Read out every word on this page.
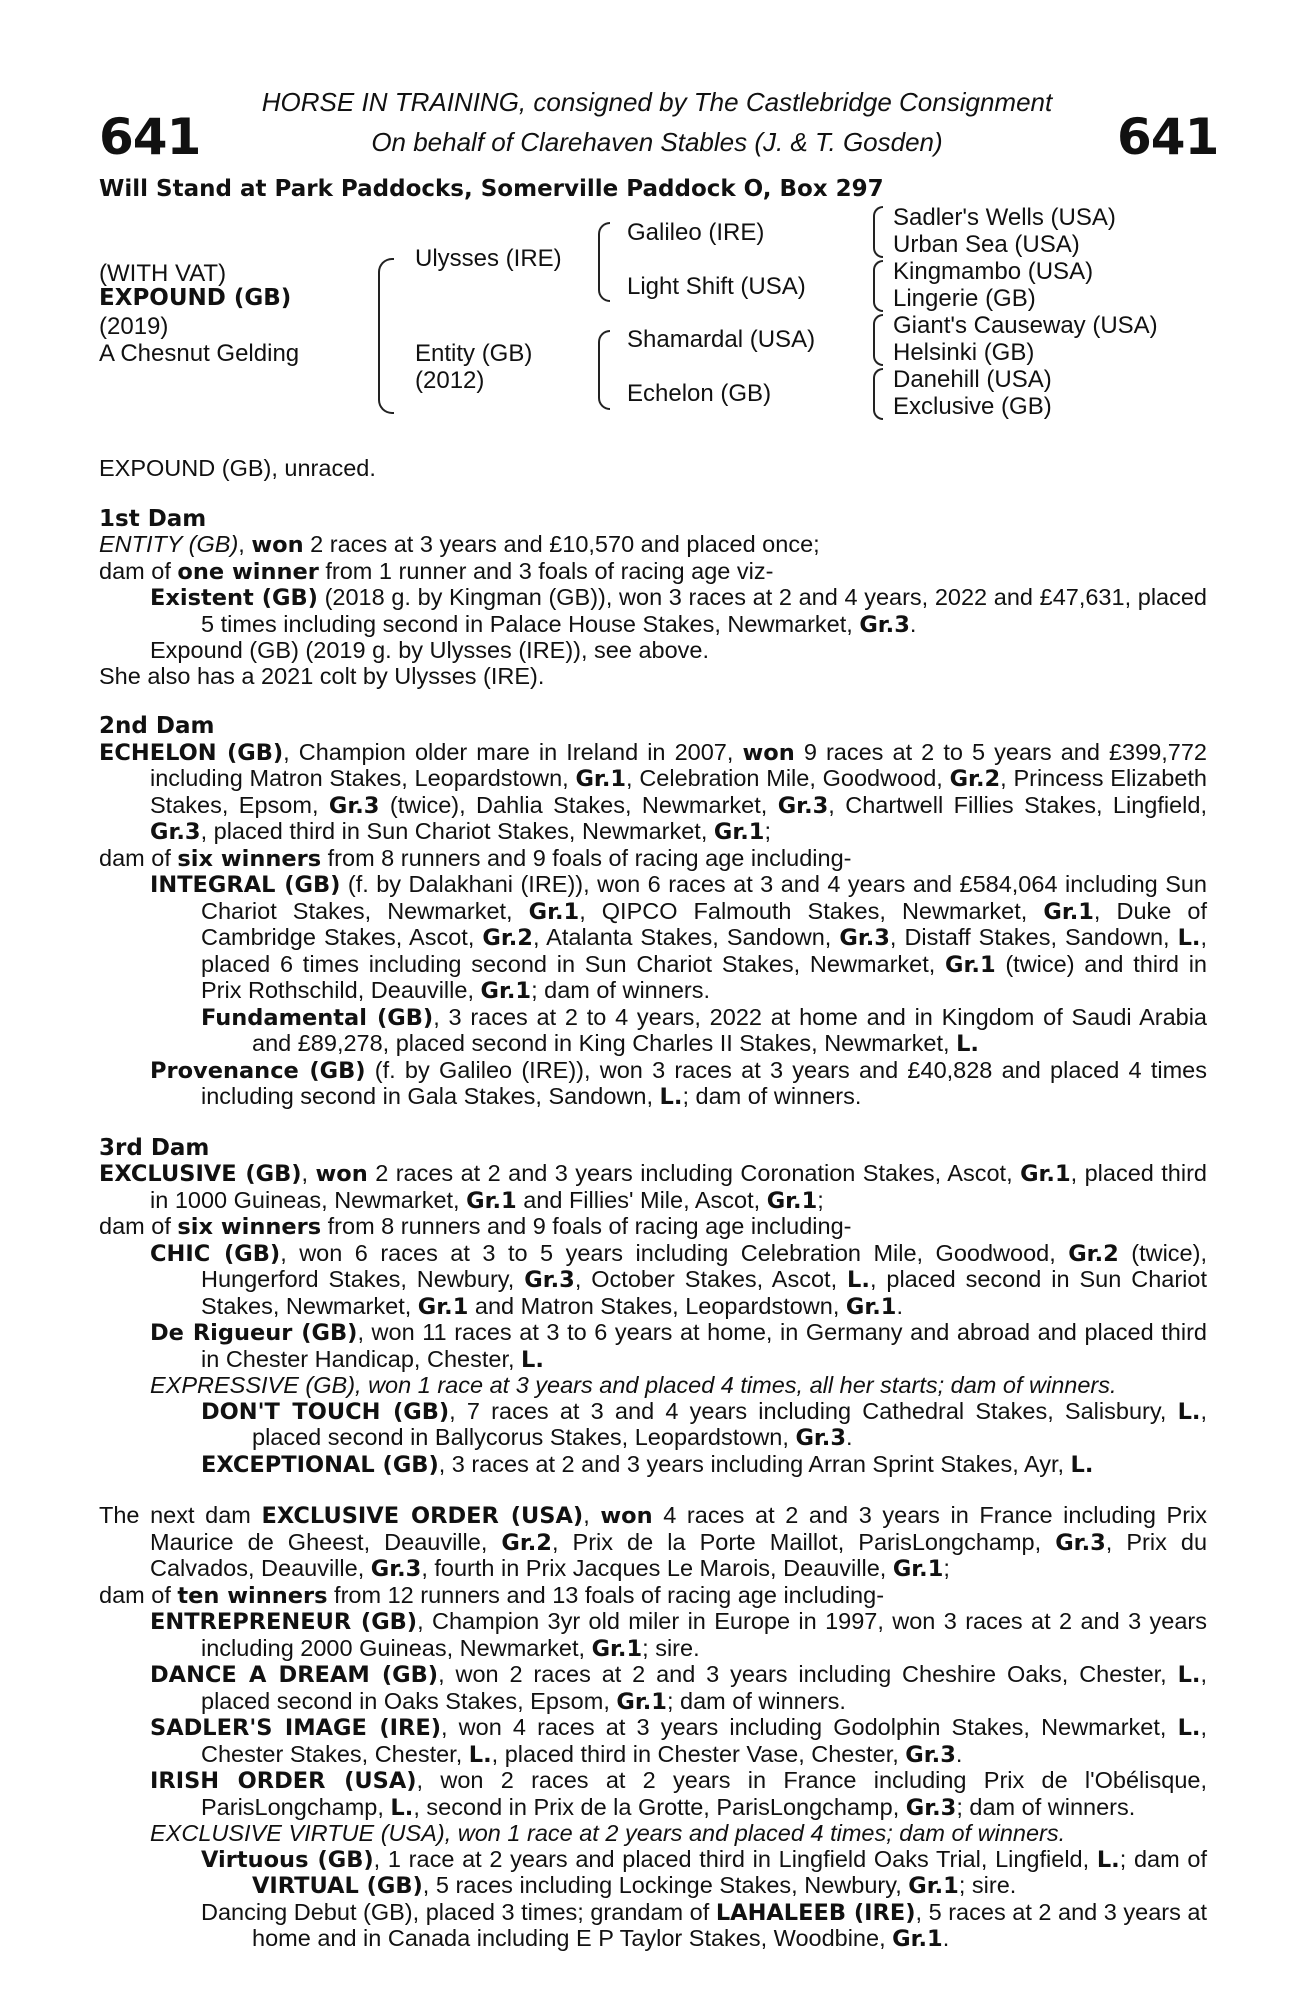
641	641
HORSE IN TRAINING, consigned by The Castlebridge Consignment
On behalf of Clarehaven Stables (J. & T. Gosden)
Will Stand at Park Paddocks, Somerville Paddock O, Box 297
(WITH VAT)
EXPOUND (GB)
(2019)
A Chesnut Gelding
Ulysses (IRE)
Entity (GB)
(2012)
Galileo (IRE)
Light Shift (USA)
Shamardal (USA)
Echelon (GB)
Sadler's Wells (USA)
Urban Sea (USA)
Kingmambo (USA)
Lingerie (GB)
Giant's Causeway (USA)
Helsinki (GB)
Danehill (USA)
Exclusive (GB)

EXPOUND (GB), unraced.

1st Dam

ENTITY (GB), won 2 races at 3 years and £10,570 and placed once;

dam of one winner from 1 runner and 3 foals of racing age viz-

Existent (GB) (2018 g. by Kingman (GB)), won 3 races at 2 and 4 years, 2022 and £47,631, placed 5 times including second in Palace House Stakes, Newmarket, Gr.3.

Expound (GB) (2019 g. by Ulysses (IRE)), see above.

She also has a 2021 colt by Ulysses (IRE).

2nd Dam

ECHELON (GB), Champion older mare in Ireland in 2007, won 9 races at 2 to 5 years and £399,772 including Matron Stakes, Leopardstown, Gr.1, Celebration Mile, Goodwood, Gr.2, Princess Elizabeth Stakes, Epsom, Gr.3 (twice), Dahlia Stakes, Newmarket, Gr.3, Chartwell Fillies Stakes, Lingfield, Gr.3, placed third in Sun Chariot Stakes, Newmarket, Gr.1;

dam of six winners from 8 runners and 9 foals of racing age including-

INTEGRAL (GB) (f. by Dalakhani (IRE)), won 6 races at 3 and 4 years and £584,064 including Sun Chariot Stakes, Newmarket, Gr.1, QIPCO Falmouth Stakes, Newmarket, Gr.1, Duke of Cambridge Stakes, Ascot, Gr.2, Atalanta Stakes, Sandown, Gr.3, Distaff Stakes, Sandown, L., placed 6 times including second in Sun Chariot Stakes, Newmarket, Gr.1 (twice) and third in Prix Rothschild, Deauville, Gr.1; dam of winners.

Fundamental (GB), 3 races at 2 to 4 years, 2022 at home and in Kingdom of Saudi Arabia and £89,278, placed second in King Charles II Stakes, Newmarket, L.

Provenance (GB) (f. by Galileo (IRE)), won 3 races at 3 years and £40,828 and placed 4 times including second in Gala Stakes, Sandown, L.; dam of winners.

3rd Dam

EXCLUSIVE (GB), won 2 races at 2 and 3 years including Coronation Stakes, Ascot, Gr.1, placed third in 1000 Guineas, Newmarket, Gr.1 and Fillies' Mile, Ascot, Gr.1;

dam of six winners from 8 runners and 9 foals of racing age including-

CHIC (GB), won 6 races at 3 to 5 years including Celebration Mile, Goodwood, Gr.2 (twice), Hungerford Stakes, Newbury, Gr.3, October Stakes, Ascot, L., placed second in Sun Chariot Stakes, Newmarket, Gr.1 and Matron Stakes, Leopardstown, Gr.1.

De Rigueur (GB), won 11 races at 3 to 6 years at home, in Germany and abroad and placed third in Chester Handicap, Chester, L.

EXPRESSIVE (GB), won 1 race at 3 years and placed 4 times, all her starts; dam of winners.

DON'T TOUCH (GB), 7 races at 3 and 4 years including Cathedral Stakes, Salisbury, L., placed second in Ballycorus Stakes, Leopardstown, Gr.3.

EXCEPTIONAL (GB), 3 races at 2 and 3 years including Arran Sprint Stakes, Ayr, L.

The next dam EXCLUSIVE ORDER (USA), won 4 races at 2 and 3 years in France including Prix Maurice de Gheest, Deauville, Gr.2, Prix de la Porte Maillot, ParisLongchamp, Gr.3, Prix du Calvados, Deauville, Gr.3, fourth in Prix Jacques Le Marois, Deauville, Gr.1;

dam of ten winners from 12 runners and 13 foals of racing age including-

ENTREPRENEUR (GB), Champion 3yr old miler in Europe in 1997, won 3 races at 2 and 3 years including 2000 Guineas, Newmarket, Gr.1; sire.

DANCE A DREAM (GB), won 2 races at 2 and 3 years including Cheshire Oaks, Chester, L., placed second in Oaks Stakes, Epsom, Gr.1; dam of winners.

SADLER'S IMAGE (IRE), won 4 races at 3 years including Godolphin Stakes, Newmarket, L., Chester Stakes, Chester, L., placed third in Chester Vase, Chester, Gr.3.

IRISH ORDER (USA), won 2 races at 2 years in France including Prix de l'Obélisque, ParisLongchamp, L., second in Prix de la Grotte, ParisLongchamp, Gr.3; dam of winners.

EXCLUSIVE VIRTUE (USA), won 1 race at 2 years and placed 4 times; dam of winners.

Virtuous (GB), 1 race at 2 years and placed third in Lingfield Oaks Trial, Lingfield, L.; dam of VIRTUAL (GB), 5 races including Lockinge Stakes, Newbury, Gr.1; sire.

Dancing Debut (GB), placed 3 times; grandam of LAHALEEB (IRE), 5 races at 2 and 3 years at home and in Canada including E P Taylor Stakes, Woodbine, Gr.1.
